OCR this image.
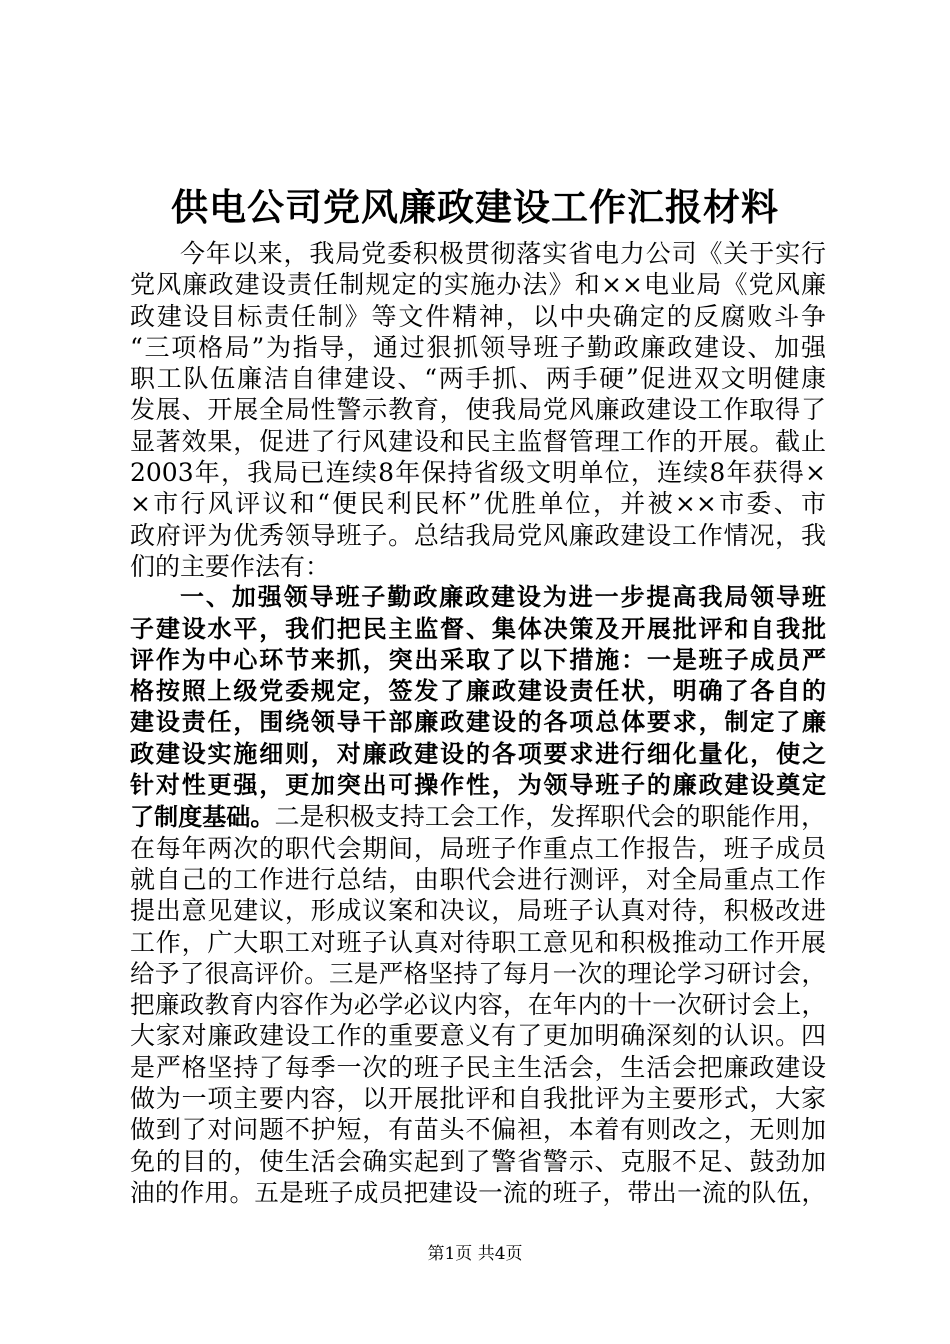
供电公司党风廉政建设工作汇报材料
今年以来，我局党委积极贯彻落实省电力公司《关于实行
党风廉政建设责任制规定的实施办法》和××电业局《党风廉
政建设目标责任制》等文件精神，以中央确定的反腐败斗争
“三项格局”为指导，通过狠抓领导班子勤政廉政建设、加强
职工队伍廉洁自律建设、“两手抓、两手硬”促进双文明健康
发展、开展全局性警示教育，使我局党风廉政建设工作取得了
显著效果，促进了行风建设和民主监督管理工作的开展。截止
2003年，我局已连续8年保持省级文明单位，连续8年获得×
×市行风评议和“便民利民杯”优胜单位，并被××市委、市
政府评为优秀领导班子。总结我局党风廉政建设工作情况，我
们的主要作法有：
一、加强领导班子勤政廉政建设为进一步提高我局领导班
子建设水平，我们把民主监督、集体决策及开展批评和自我批
评作为中心环节来抓，突出采取了以下措施：一是班子成员严
格按照上级党委规定，签发了廉政建设责任状，明确了各自的
建设责任，围绕领导干部廉政建设的各项总体要求，制定了廉
政建设实施细则，对廉政建设的各项要求进行细化量化，使之
针对性更强，更加突出可操作性，为领导班子的廉政建设奠定
了制度基础。二是积极支持工会工作，发挥职代会的职能作用，
在每年两次的职代会期间，局班子作重点工作报告，班子成员
就自己的工作进行总结，由职代会进行测评，对全局重点工作
提出意见建议，形成议案和决议，局班子认真对待，积极改进
工作，广大职工对班子认真对待职工意见和积极推动工作开展
给予了很高评价。三是严格坚持了每月一次的理论学习研讨会，
把廉政教育内容作为必学必议内容，在年内的十一次研讨会上，
大家对廉政建设工作的重要意义有了更加明确深刻的认识。四
是严格坚持了每季一次的班子民主生活会，生活会把廉政建设
做为一项主要内容，以开展批评和自我批评为主要形式，大家
做到了对问题不护短，有苗头不偏袒，本着有则改之，无则加
免的目的，使生活会确实起到了警省警示、克服不足、鼓劲加
油的作用。五是班子成员把建设一流的班子，带出一流的队伍，
第1页 共4页
